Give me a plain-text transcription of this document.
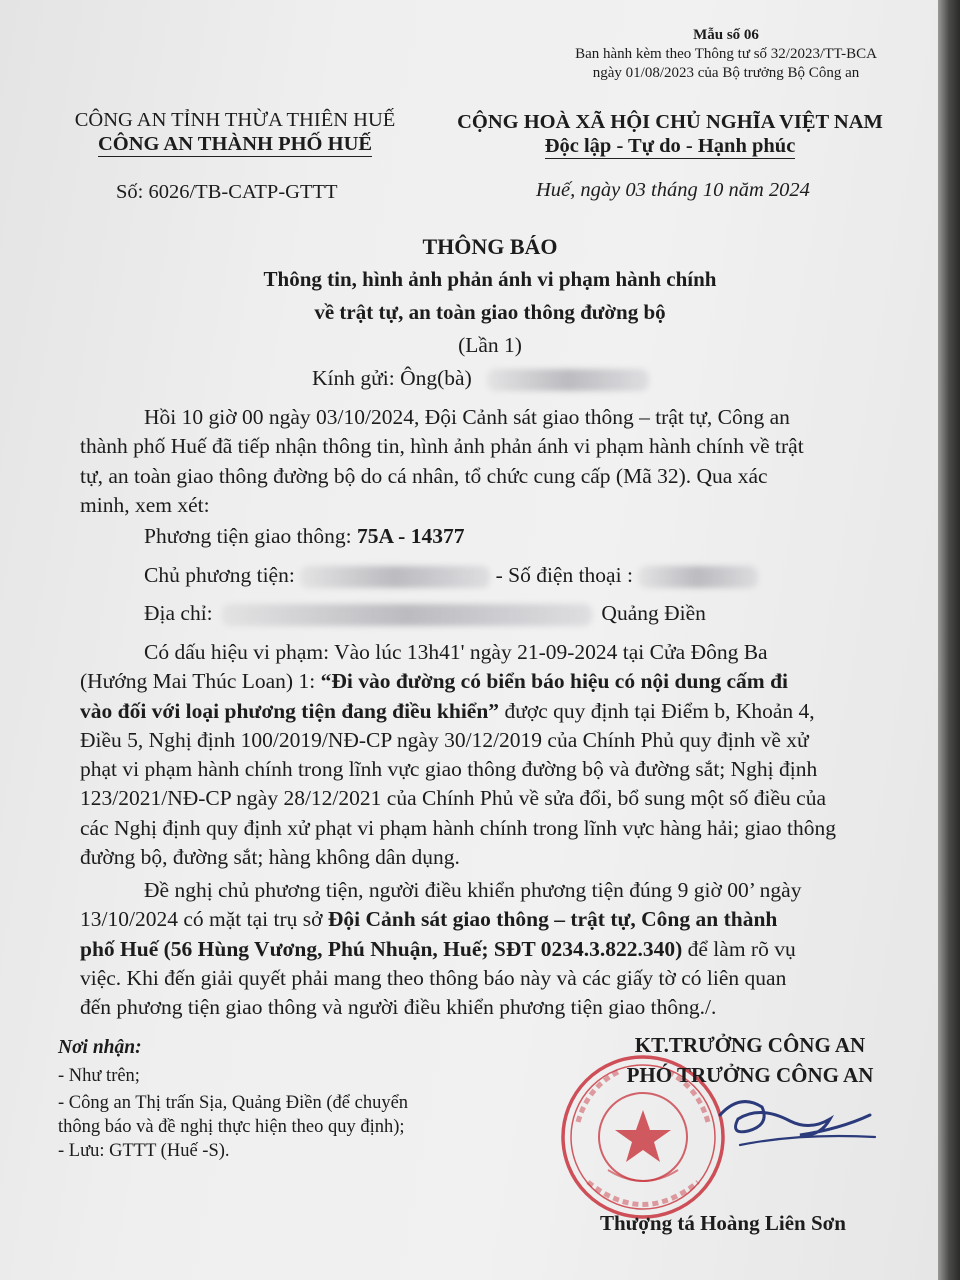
Mẫu số 06
Ban hành kèm theo Thông tư số 32/2023/TT-BCA
ngày 01/08/2023 của Bộ trưởng Bộ Công an
CÔNG AN TỈNH THỪA THIÊN HUẾ
CÔNG AN THÀNH PHỐ HUẾ
Số: 6026/TB-CATP-GTTT
CỘNG HOÀ XÃ HỘI CHỦ NGHĨA VIỆT NAM
Độc lập - Tự do - Hạnh phúc
Huế, ngày 03 tháng 10 năm 2024
THÔNG BÁO
Thông tin, hình ảnh phản ánh vi phạm hành chính
về trật tự, an toàn giao thông đường bộ
(Lần 1)
Kính gửi: Ông(bà)
Hồi 10 giờ 00 ngày 03/10/2024, Đội Cảnh sát giao thông – trật tự, Công an
thành phố Huế đã tiếp nhận thông tin, hình ảnh phản ánh vi phạm hành chính về trật
tự, an toàn giao thông đường bộ do cá nhân, tổ chức cung cấp (Mã 32). Qua xác
minh, xem xét:
Phương tiện giao thông: 75A - 14377
Chủ phương tiện:	- Số điện thoại :
Địa chỉ:	Quảng Điền
Có dấu hiệu vi phạm: Vào lúc 13h41' ngày 21-09-2024 tại Cửa Đông Ba
(Hướng Mai Thúc Loan) 1: “Đi vào đường có biển báo hiệu có nội dung cấm đi
vào đối với loại phương tiện đang điều khiển” được quy định tại Điểm b, Khoản 4,
Điều 5, Nghị định 100/2019/NĐ-CP ngày 30/12/2019 của Chính Phủ quy định về xử
phạt vi phạm hành chính trong lĩnh vực giao thông đường bộ và đường sắt; Nghị định
123/2021/NĐ-CP ngày 28/12/2021 của Chính Phủ về sửa đổi, bổ sung một số điều của
các Nghị định quy định xử phạt vi phạm hành chính trong lĩnh vực hàng hải; giao thông
đường bộ, đường sắt; hàng không dân dụng.
Đề nghị chủ phương tiện, người điều khiển phương tiện đúng 9 giờ 00’ ngày
13/10/2024 có mặt tại trụ sở Đội Cảnh sát giao thông – trật tự, Công an thành
phố Huế (56 Hùng Vương, Phú Nhuận, Huế; SĐT 0234.3.822.340) để làm rõ vụ
việc. Khi đến giải quyết phải mang theo thông báo này và các giấy tờ có liên quan
đến phương tiện giao thông và người điều khiển phương tiện giao thông./.
Nơi nhận:
- Như trên;
- Công an Thị trấn Sịa, Quảng Điền (để chuyển
thông báo và đề nghị thực hiện theo quy định);
- Lưu: GTTT (Huế -S).
KT.TRƯỞNG CÔNG AN
PHÓ TRƯỞNG CÔNG AN
Thượng tá Hoàng Liên Sơn
